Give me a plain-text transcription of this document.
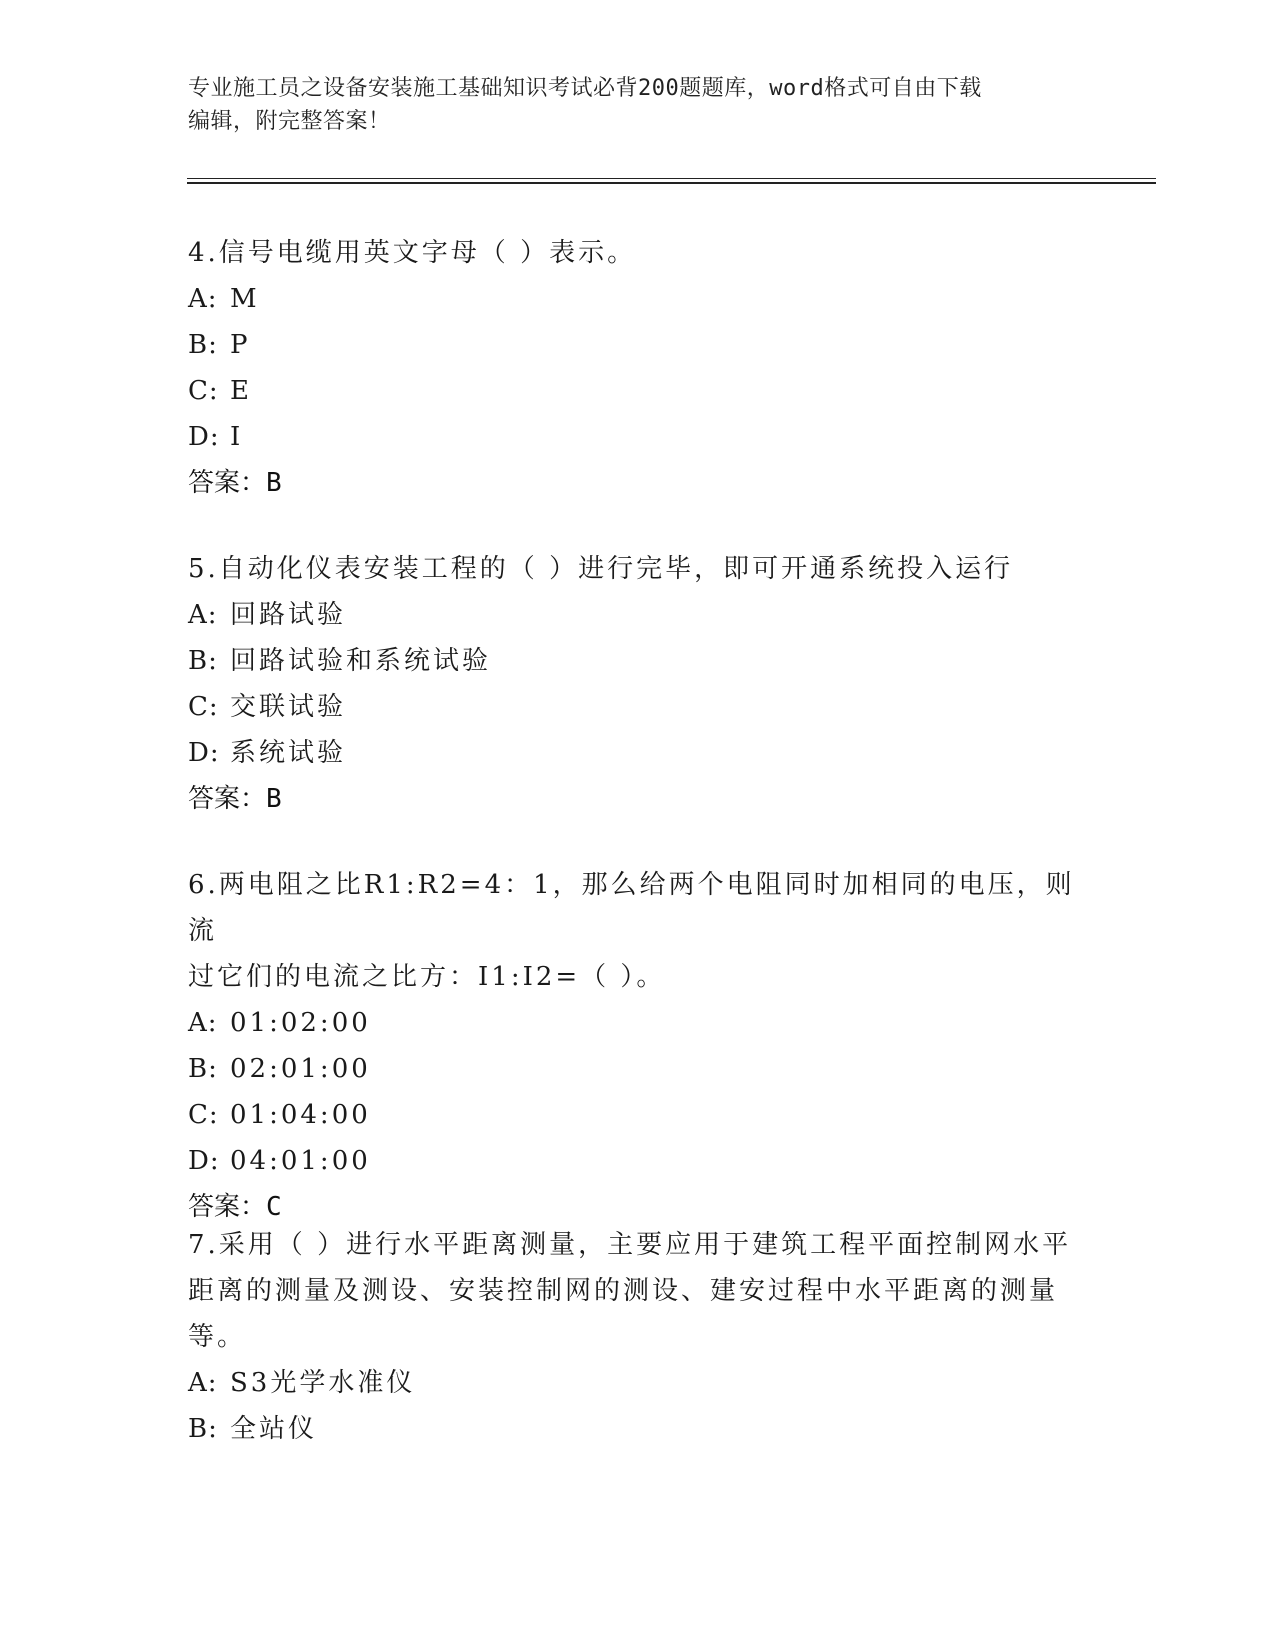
专业施工员之设备安装施工基础知识考试必背200题题库，word格式可自由下载
编辑，附完整答案！
4.信号电缆用英文字母（ ）表示。
A: M
B: P
C: E
D: I
答案：B
5.自动化仪表安装工程的（ ）进行完毕，即可开通系统投入运行
A: 回路试验
B: 回路试验和系统试验
C: 交联试验
D: 系统试验
答案：B
6.两电阻之比R1:R2=4：1，那么给两个电阻同时加相同的电压，则流
过它们的电流之比方：I1:I2=（ ）。
A: 01:02:00
B: 02:01:00
C: 01:04:00
D: 04:01:00
答案：C
7.采用（ ）进行水平距离测量，主要应用于建筑工程平面控制网水平
距离的测量及测设、安装控制网的测设、建安过程中水平距离的测量
等。
A: S3光学水准仪
B: 全站仪
